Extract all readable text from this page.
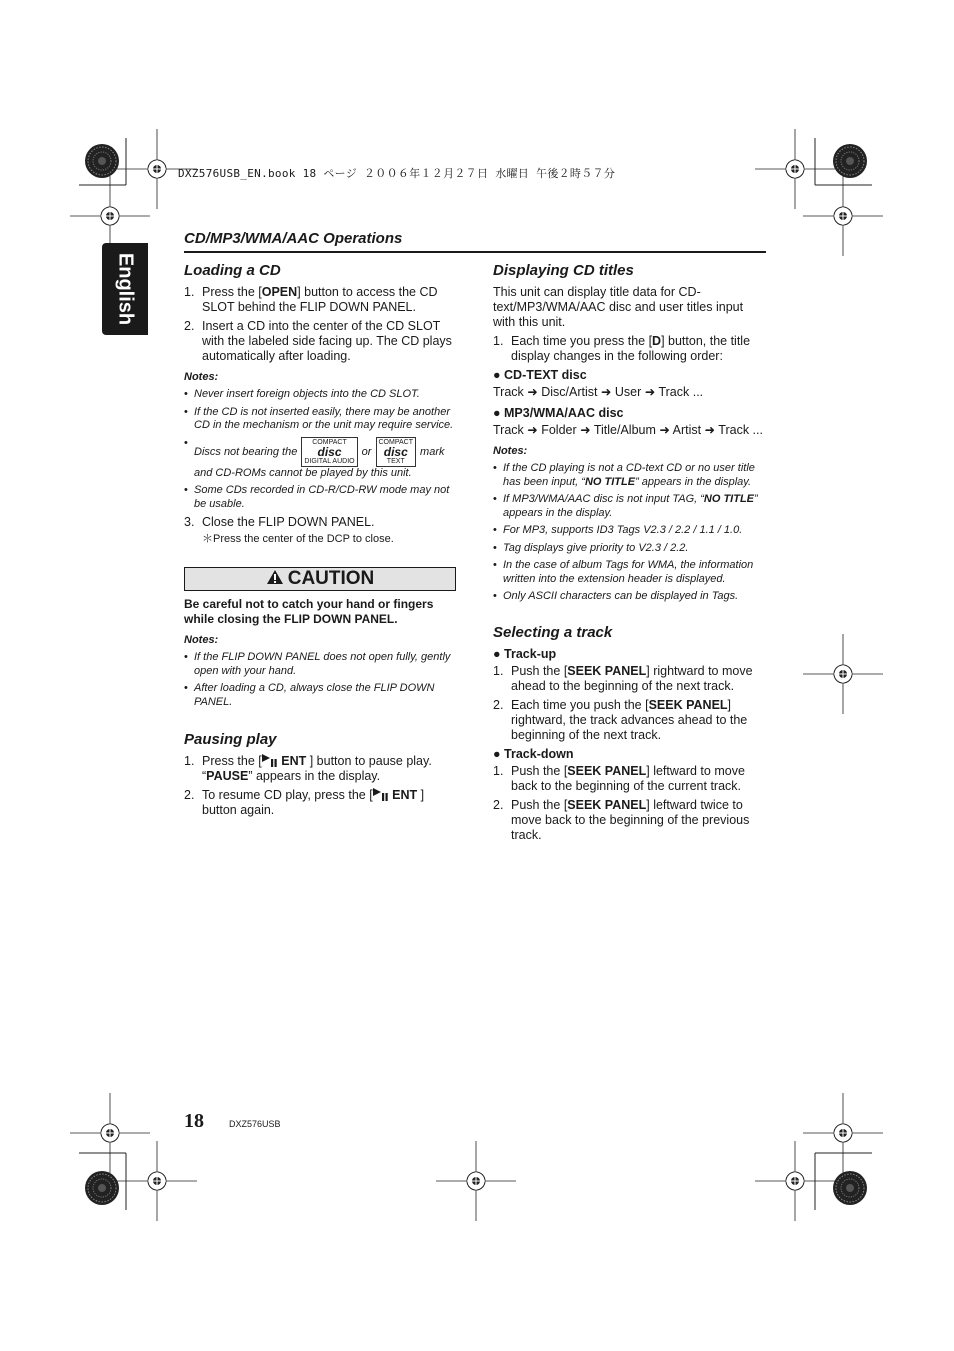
DXZ576USB_EN.book 18 ページ ２００６年１２月２７日 水曜日 午後２時５７分
English
CD/MP3/WMA/AAC Operations
Loading a CD
1. Press the [OPEN] button to access the CD SLOT behind the FLIP DOWN PANEL.
2. Insert a CD into the center of the CD SLOT with the labeled side facing up. The CD plays automatically after loading.
Notes:
• Never insert foreign objects into the CD SLOT.
• If the CD is not inserted easily, there may be another CD in the mechanism or the unit may require service.
•
Discs not bearing the COMPACT
disc
DIGITAL AUDIO or COMPACT
disc
TEXT mark and CD-ROMs cannot be played by this unit.
• Some CDs recorded in CD-R/CD-RW mode may not be usable.
3. Close the FLIP DOWN PANEL.
＊Press the center of the DCP to close.
CAUTION
Be careful not to catch your hand or fingers while closing the FLIP DOWN PANEL.
Notes:
• If the FLIP DOWN PANEL does not open fully, gently open with your hand.
• After loading a CD, always close the FLIP DOWN PANEL.
Pausing play
1. Press the [ ENT ] button to pause play. “PAUSE” appears in the display.
2. To resume CD play, press the [ ENT ] button again.
Displaying CD titles

This unit can display title data for CD-text/MP3/WMA/AAC disc and user titles input with this unit.

1. Each time you press the [D] button, the title display changes in the following order:
● CD-TEXT disc
Track ➜ Disc/Artist ➜ User ➜ Track ...
● MP3/WMA/AAC disc
Track ➜ Folder ➜ Title/Album ➜ Artist ➜ Track ...
Notes:
• If the CD playing is not a CD-text CD or no user title has been input, “NO TITLE” appears in the display.
• If MP3/WMA/AAC disc is not input TAG, “NO TITLE” appears in the display.
• For MP3, supports ID3 Tags V2.3 / 2.2 / 1.1 / 1.0.
• Tag displays give priority to V2.3 / 2.2.
• In the case of album Tags for WMA, the information written into the extension header is displayed.
• Only ASCII characters can be displayed in Tags.
Selecting a track
● Track-up
1. Push the [SEEK PANEL] rightward to move ahead to the beginning of the next track.
2. Each time you push the [SEEK PANEL] rightward, the track advances ahead to the beginning of the next track.
● Track-down
1. Push the [SEEK PANEL] leftward to move back to the beginning of the current track.
2. Push the [SEEK PANEL] leftward twice to move back to the beginning of the previous track.
18	DXZ576USB
